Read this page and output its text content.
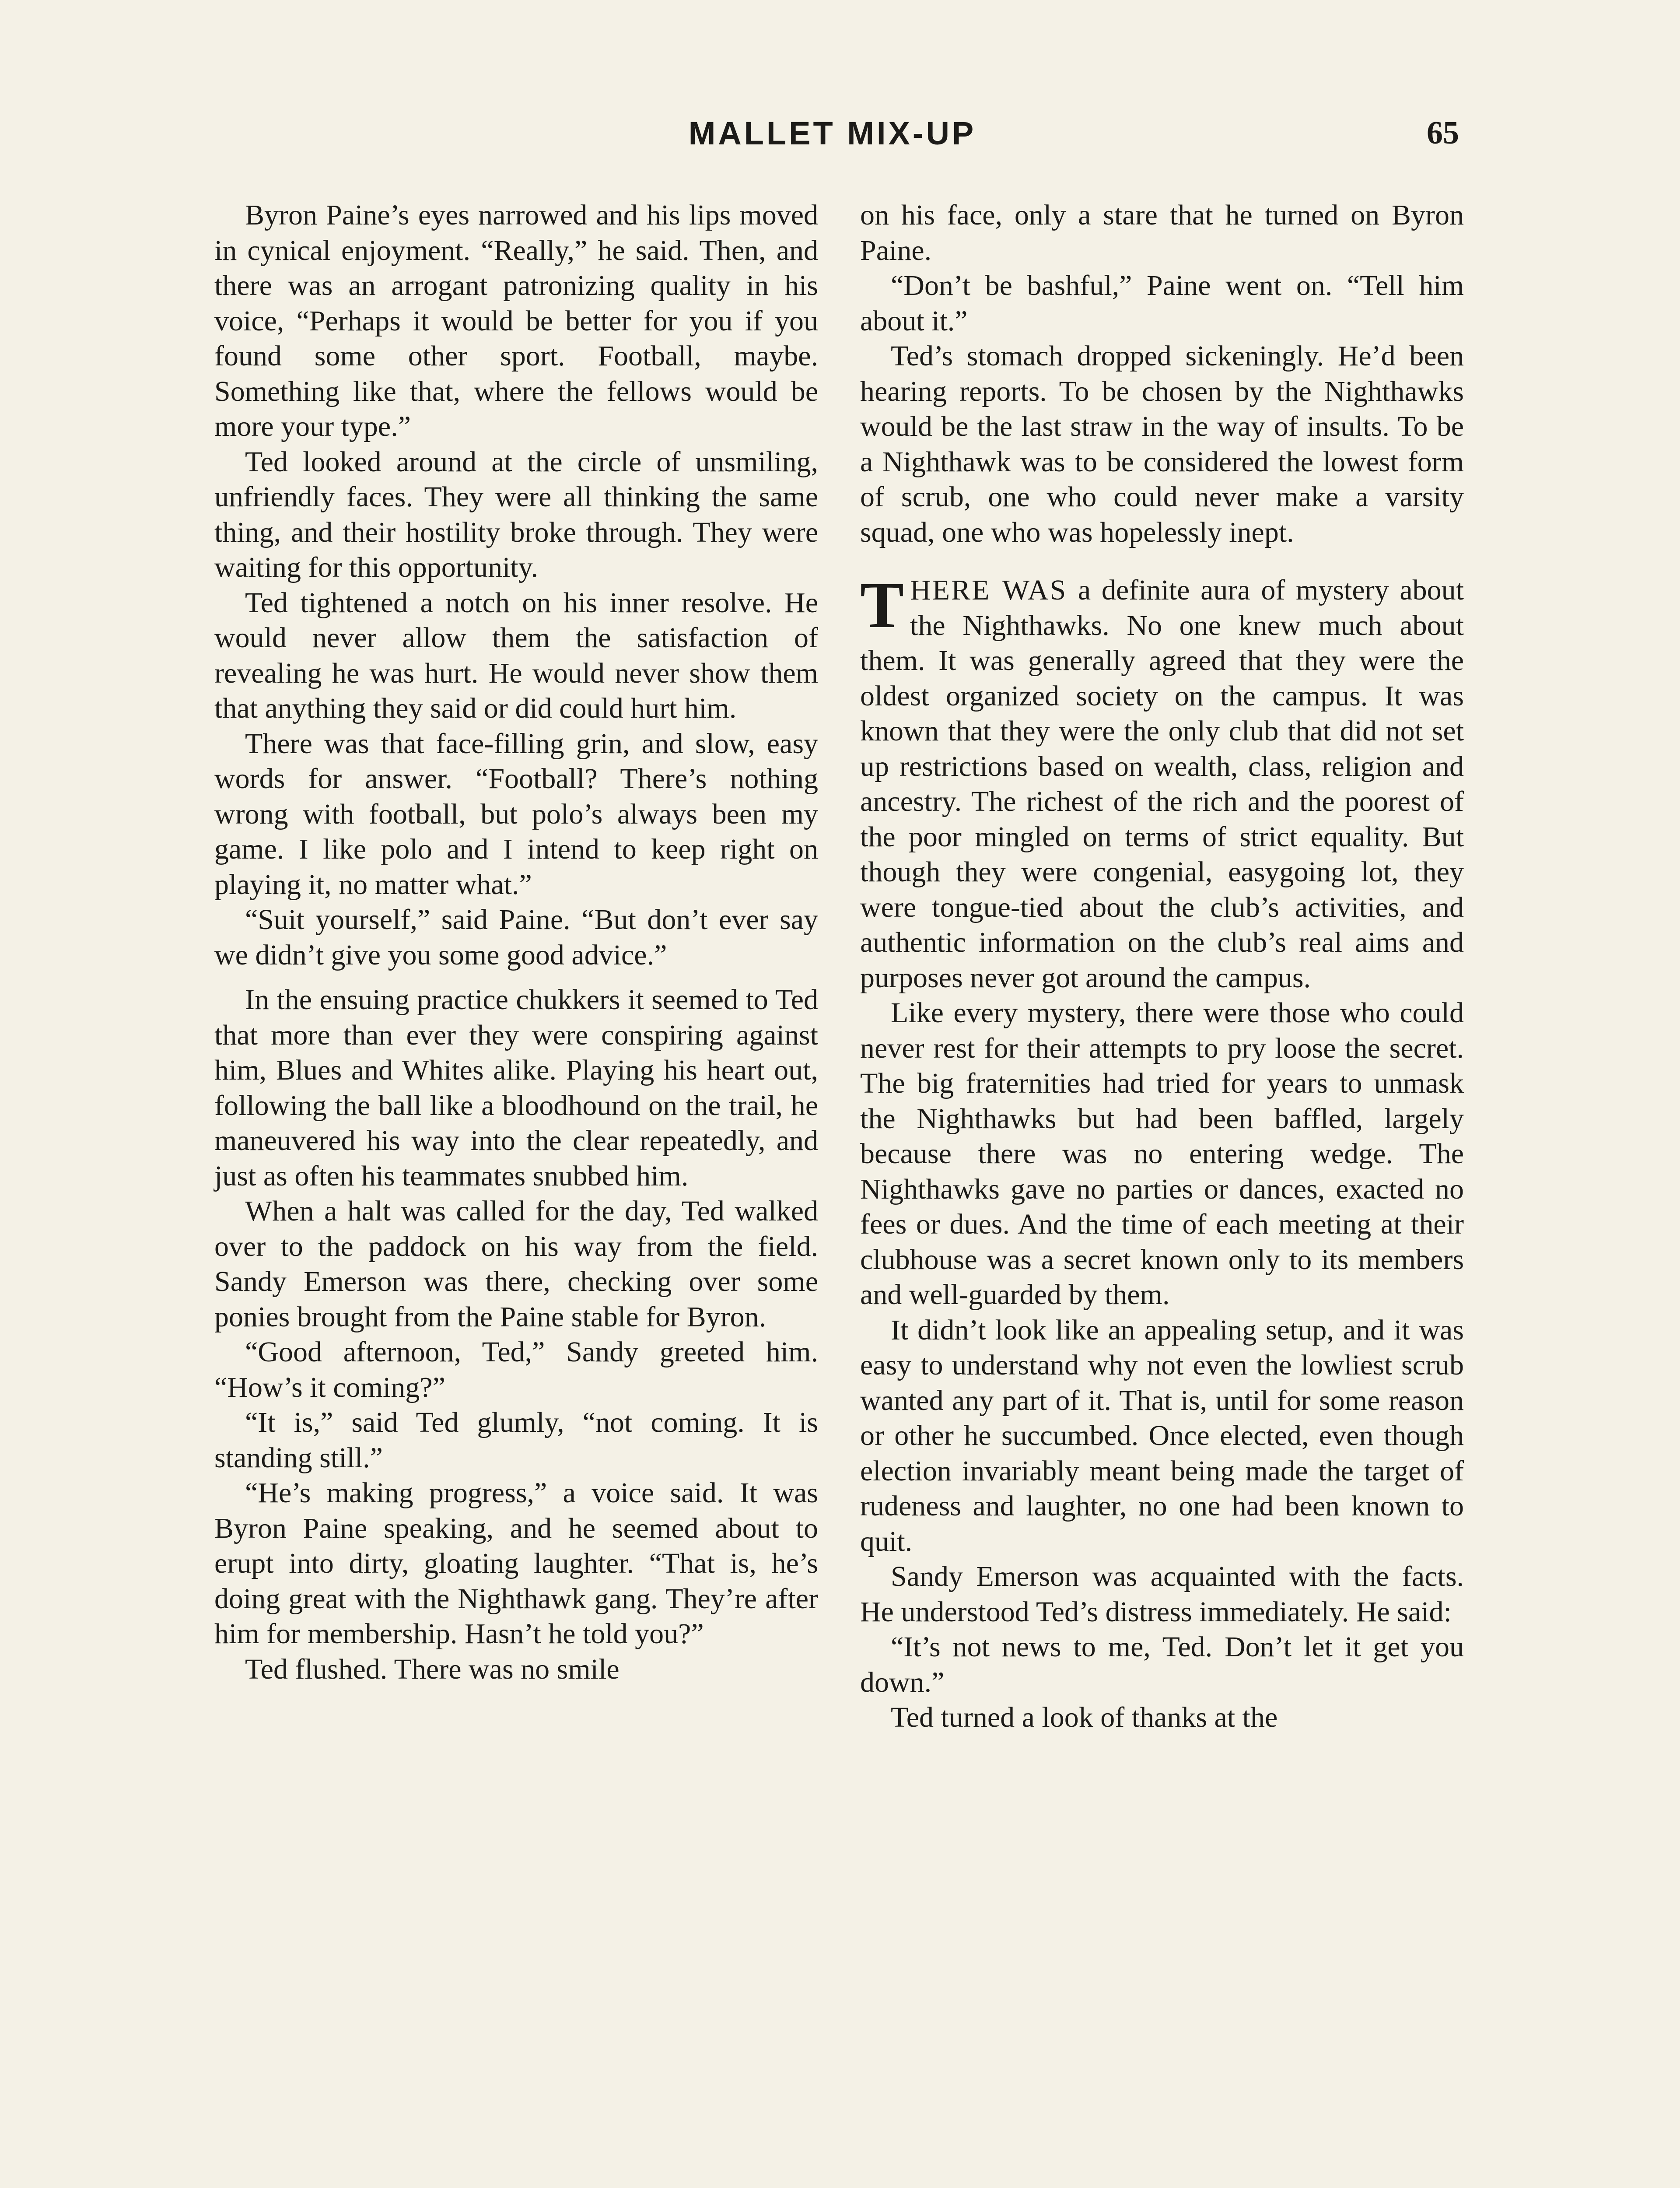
MALLET MIX-UP	65

Byron Paine’s eyes narrowed and his lips moved in cynical enjoyment. “Really,” he said. Then, and there was an arrogant patronizing quality in his voice, “Perhaps it would be better for you if you found some other sport. Football, maybe. Something like that, where the fellows would be more your type.”

Ted looked around at the circle of unsmiling, unfriendly faces. They were all thinking the same thing, and their hostility broke through. They were waiting for this opportunity.

Ted tightened a notch on his inner resolve. He would never allow them the satisfaction of revealing he was hurt. He would never show them that anything they said or did could hurt him.

There was that face-filling grin, and slow, easy words for answer. “Football? There’s nothing wrong with football, but polo’s always been my game. I like polo and I intend to keep right on playing it, no matter what.”

“Suit yourself,” said Paine. “But don’t ever say we didn’t give you some good advice.”

In the ensuing practice chukkers it seemed to Ted that more than ever they were conspiring against him, Blues and Whites alike. Playing his heart out, following the ball like a bloodhound on the trail, he maneuvered his way into the clear repeatedly, and just as often his teammates snubbed him.

When a halt was called for the day, Ted walked over to the paddock on his way from the field. Sandy Emerson was there, checking over some ponies brought from the Paine stable for Byron.

“Good afternoon, Ted,” Sandy greeted him. “How’s it coming?”

“It is,” said Ted glumly, “not coming. It is standing still.”

“He’s making progress,” a voice said. It was Byron Paine speaking, and he seemed about to erupt into dirty, gloating laughter. “That is, he’s doing great with the Nighthawk gang. They’re after him for membership. Hasn’t he told you?”

Ted flushed. There was no smile

on his face, only a stare that he turned on Byron Paine.

“Don’t be bashful,” Paine went on. “Tell him about it.”

Ted’s stomach dropped sickeningly. He’d been hearing reports. To be chosen by the Nighthawks would be the last straw in the way of insults. To be a Nighthawk was to be considered the lowest form of scrub, one who could never make a varsity squad, one who was hopelessly inept.

THERE WAS a definite aura of mystery about the Nighthawks. No one knew much about them. It was generally agreed that they were the oldest organized society on the campus. It was known that they were the only club that did not set up restrictions based on wealth, class, religion and ancestry. The richest of the rich and the poorest of the poor mingled on terms of strict equality. But though they were congenial, easygoing lot, they were tongue-tied about the club’s activities, and authentic information on the club’s real aims and purposes never got around the campus.

Like every mystery, there were those who could never rest for their attempts to pry loose the secret. The big fraternities had tried for years to unmask the Nighthawks but had been baffled, largely because there was no entering wedge. The Nighthawks gave no parties or dances, exacted no fees or dues. And the time of each meeting at their clubhouse was a secret known only to its members and well-guarded by them.

It didn’t look like an appealing setup, and it was easy to understand why not even the lowliest scrub wanted any part of it. That is, until for some reason or other he succumbed. Once elected, even though election invariably meant being made the target of rudeness and laughter, no one had been known to quit.

Sandy Emerson was acquainted with the facts. He understood Ted’s distress immediately. He said:

“It’s not news to me, Ted. Don’t let it get you down.”

Ted turned a look of thanks at the
